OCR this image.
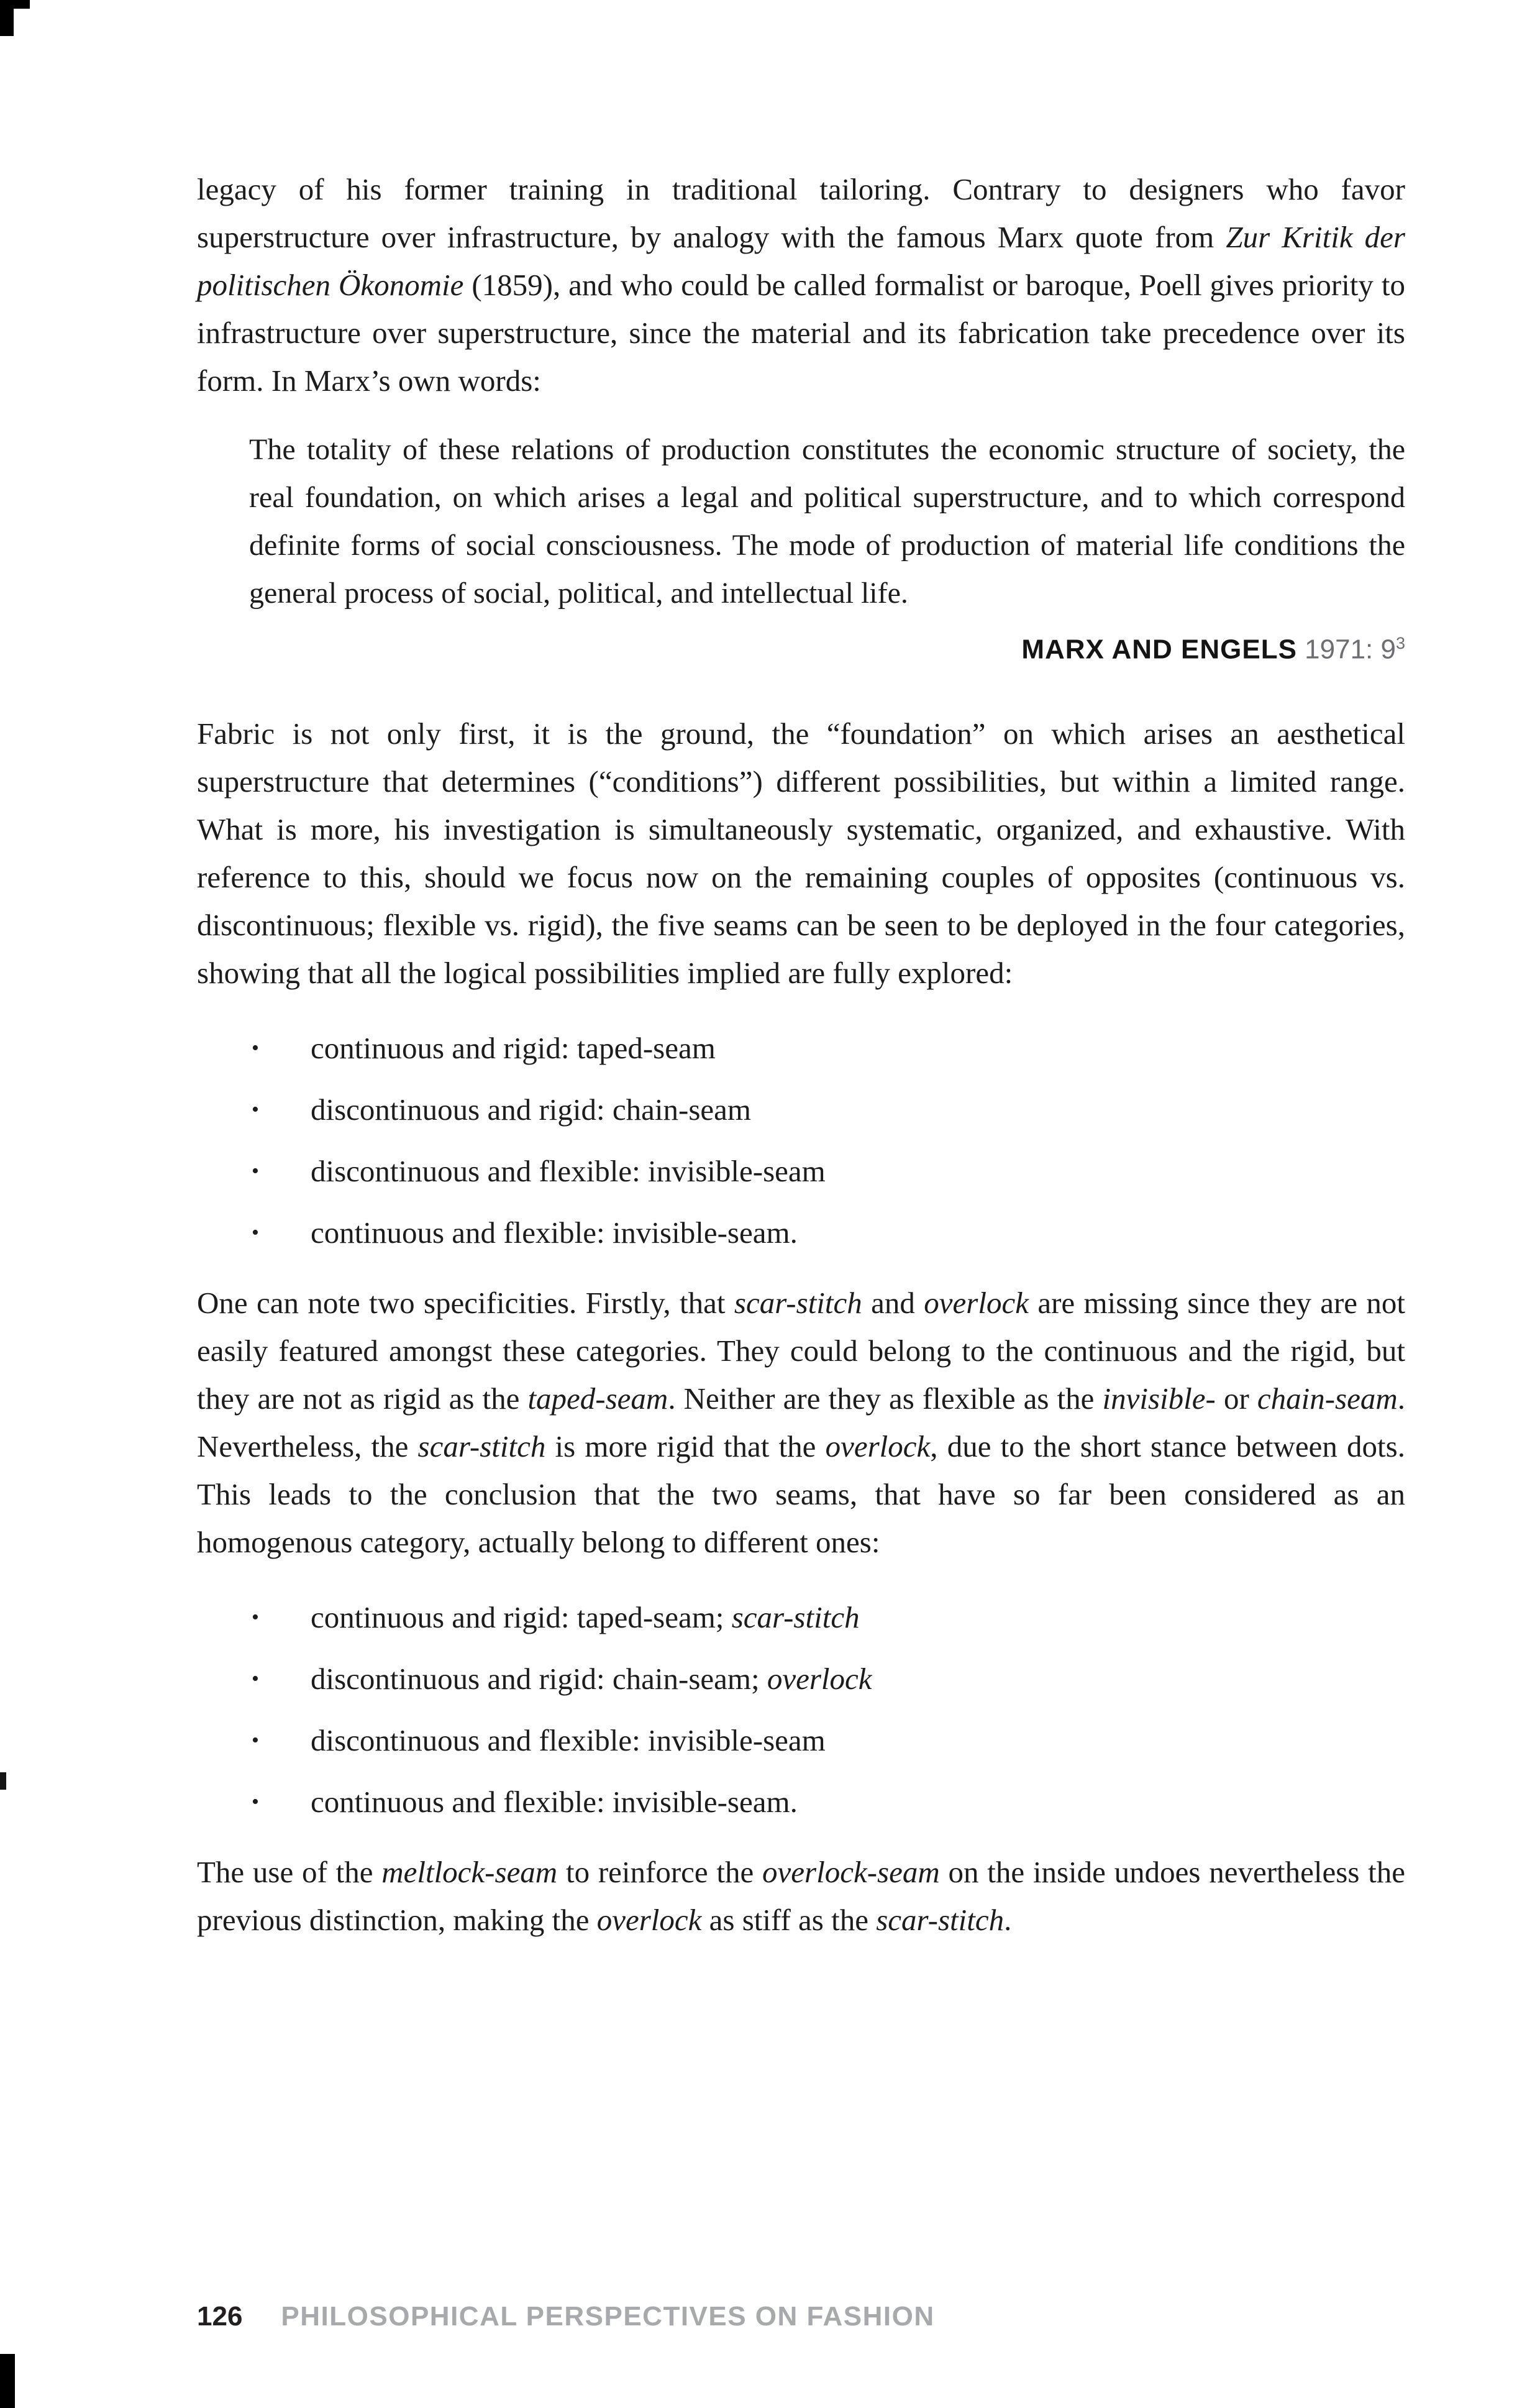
legacy of his former training in traditional tailoring. Contrary to designers who favor superstructure over infrastructure, by analogy with the famous Marx quote from Zur Kritik der politischen Ökonomie (1859), and who could be called formalist or baroque, Poell gives priority to infrastructure over superstructure, since the material and its fabrication take precedence over its form. In Marx’s own words:

The totality of these relations of production constitutes the economic structure of society, the real foundation, on which arises a legal and political superstructure, and to which correspond definite forms of social consciousness. The mode of production of material life conditions the general process of social, political, and intellectual life.

MARX AND ENGELS 1971: $9^3$

Fabric is not only first, it is the ground, the “foundation” on which arises an aesthetical superstructure that determines (“conditions”) different possibilities, but within a limited range. What is more, his investigation is simultaneously systematic, organized, and exhaustive. With reference to this, should we focus now on the remaining couples of opposites (continuous vs. discontinuous; flexible vs. rigid), the five seams can be seen to be deployed in the four categories, showing that all the logical possibilities implied are fully explored:

•	continuous and rigid: taped-seam
•	discontinuous and rigid: chain-seam
•	discontinuous and flexible: invisible-seam
•	continuous and flexible: invisible-seam.

One can note two specificities. Firstly, that scar-stitch and overlock are missing since they are not easily featured amongst these categories. They could belong to the continuous and the rigid, but they are not as rigid as the taped-seam. Neither are they as flexible as the invisible- or chain-seam. Nevertheless, the scar-stitch is more rigid that the overlock, due to the short stance between dots. This leads to the conclusion that the two seams, that have so far been considered as an homogenous category, actually belong to different ones:

•	continuous and rigid: taped-seam; scar-stitch
•	discontinuous and rigid: chain-seam; overlock
•	discontinuous and flexible: invisible-seam
•	continuous and flexible: invisible-seam.

The use of the meltlock-seam to reinforce the overlock-seam on the inside undoes nevertheless the previous distinction, making the overlock as stiff as the scar-stitch.

126 PHILOSOPHICAL PERSPECTIVES ON FASHION
